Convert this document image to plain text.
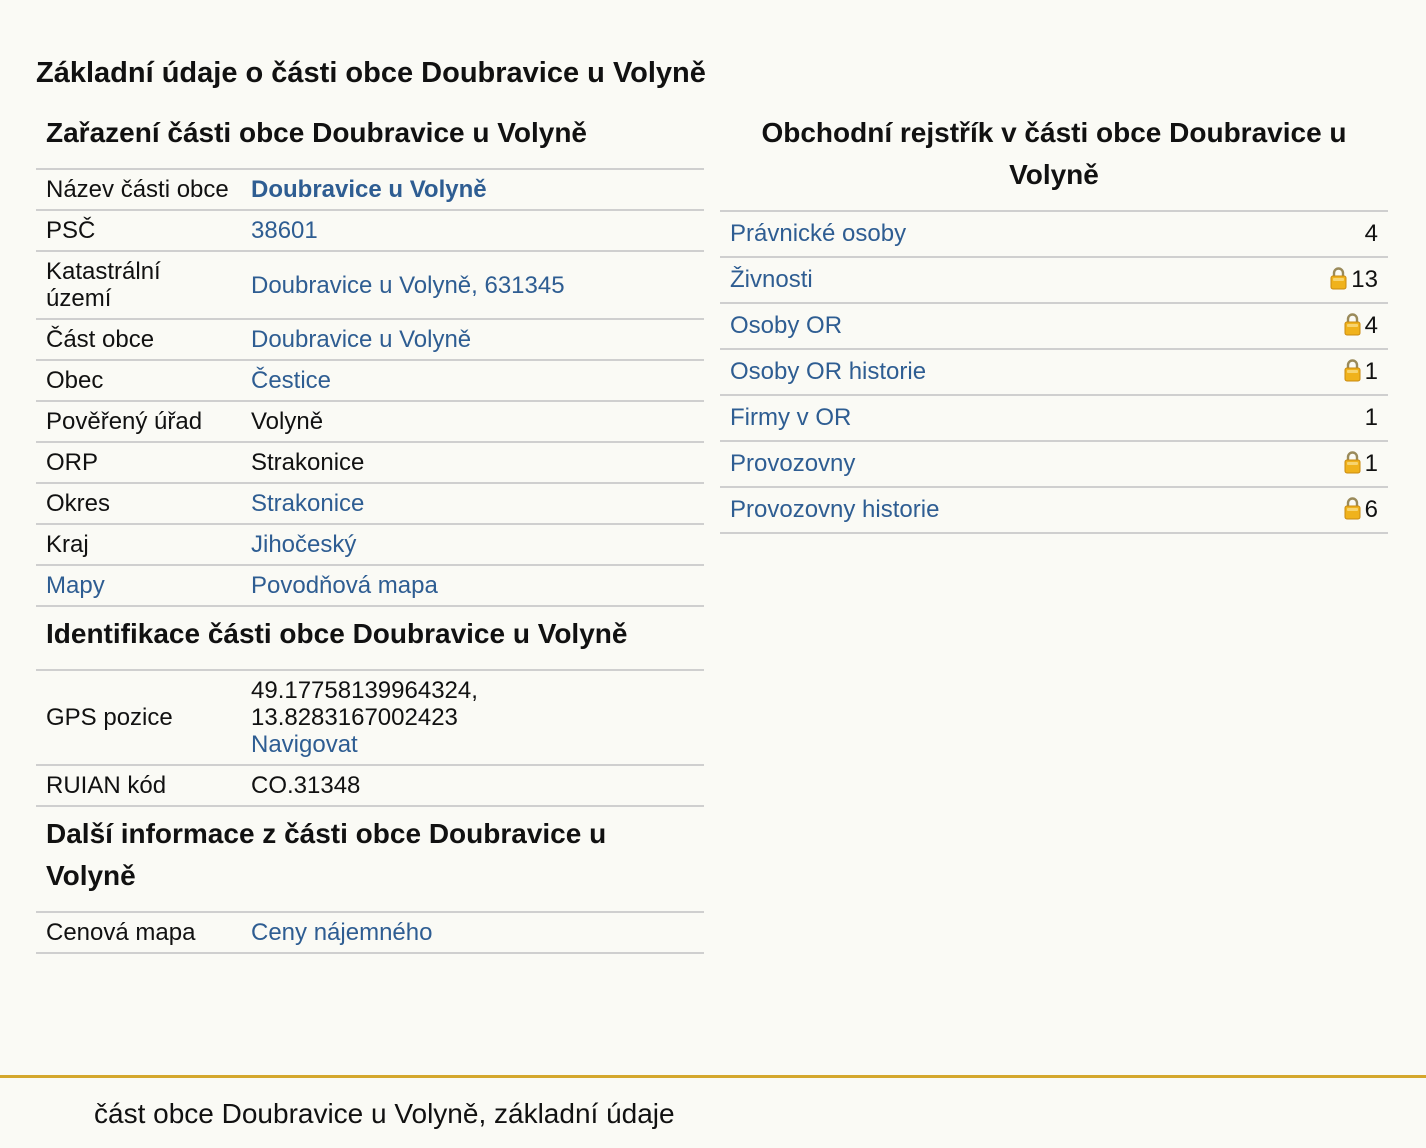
Základní údaje o části obce Doubravice u Volyně
Zařazení části obce Doubravice u Volyně
Název části obce	Doubravice u Volyně
PSČ	38601
Katastrální území	Doubravice u Volyně, 631345
Část obce	Doubravice u Volyně
Obec	Čestice
Pověřený úřad	Volyně
ORP	Strakonice
Okres	Strakonice
Kraj	Jihočeský
Mapy	Povodňová mapa
Identifikace části obce Doubravice u Volyně
GPS pozice	49.17758139964324,
13.8283167002423
Navigovat
RUIAN kód	CO.31348
Další informace z části obce Doubravice u Volyně
Cenová mapa	Ceny nájemného
Obchodní rejstřík v části obce Doubravice u Volyně
Právnické osoby	4
Živnosti	13
Osoby OR	4
Osoby OR historie	1
Firmy v OR	1
Provozovny	1
Provozovny historie	6
část obce Doubravice u Volyně, základní údaje
